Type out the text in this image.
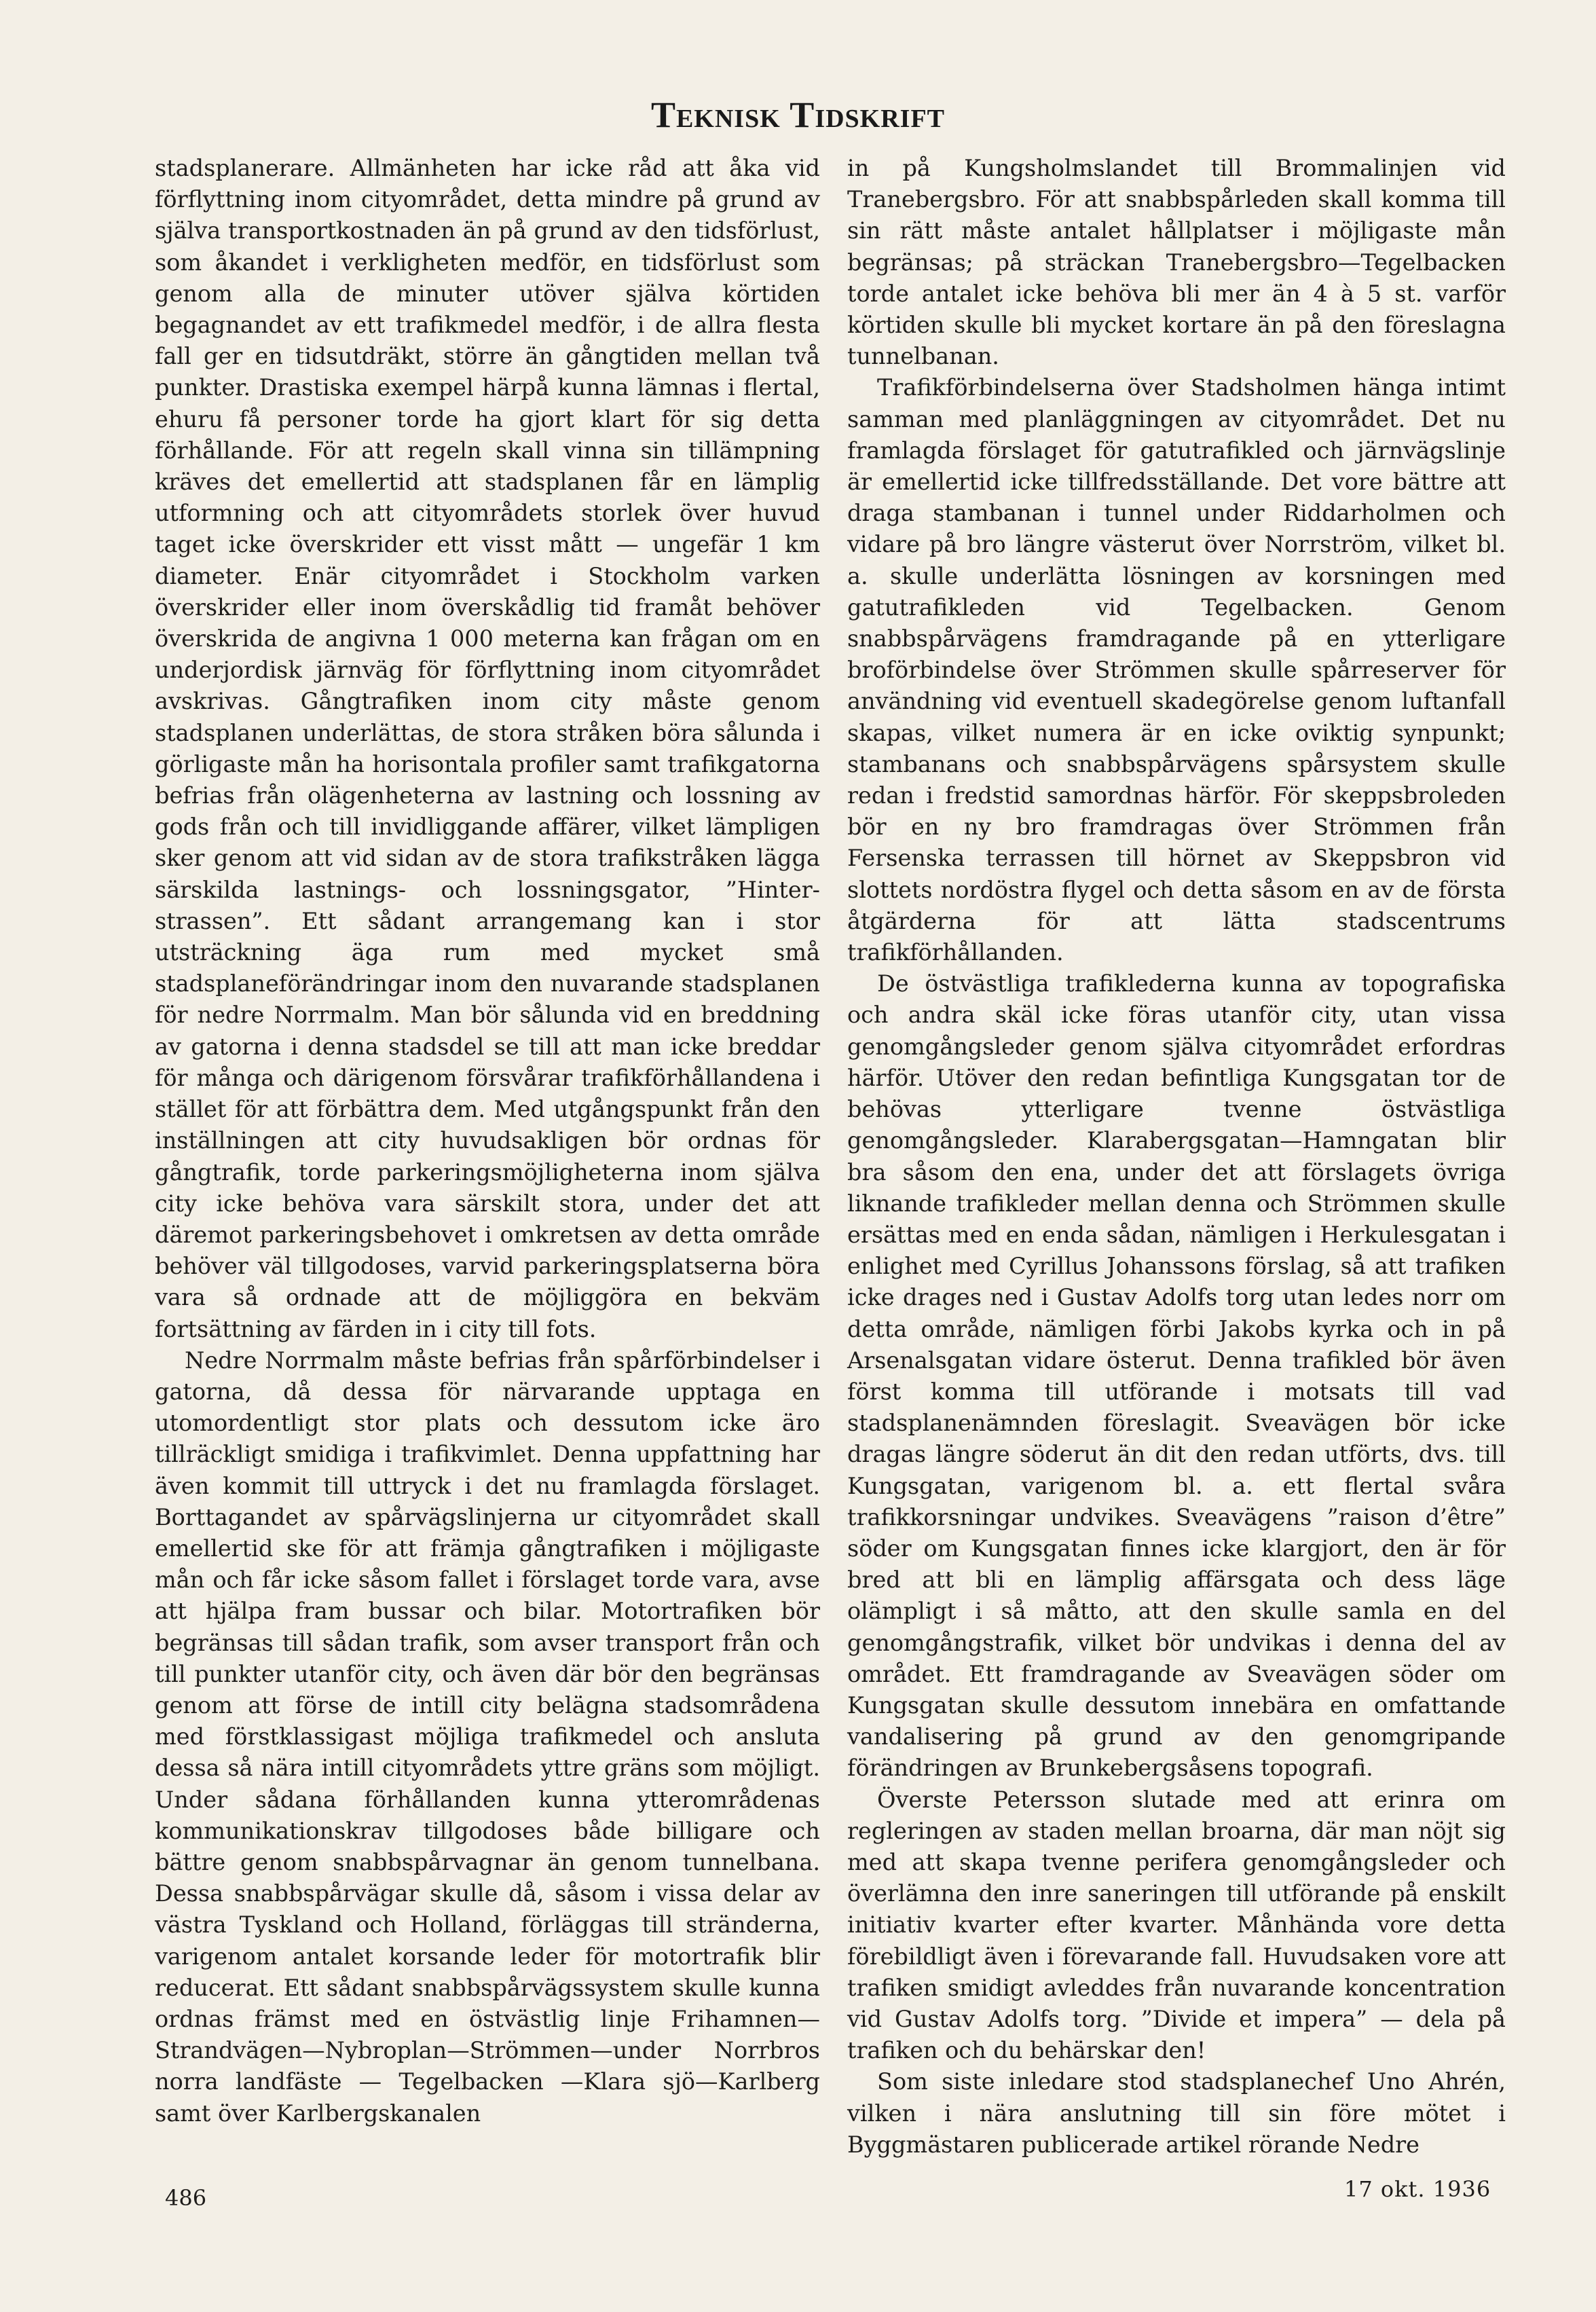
Teknisk Tidskrift

stadsplanerare. Allmänheten har icke råd att åka vid förflyttning inom cityområdet, detta mindre på grund av själva transportkostnaden än på grund av den tidsförlust, som åkandet i verkligheten medför, en tidsförlust som genom alla de minuter utöver själva körtiden begagnandet av ett trafikmedel medför, i de allra flesta fall ger en tidsutdräkt, större än gångtiden mellan två punkter. Drastiska exempel härpå kunna lämnas i flertal, ehuru få personer torde ha gjort klart för sig detta förhållande. För att regeln skall vinna sin tillämpning kräves det emellertid att stadsplanen får en lämplig utformning och att cityområdets storlek över huvud taget icke överskrider ett visst mått — ungefär 1 km diameter. Enär cityområdet i Stockholm varken överskrider eller inom överskådlig tid framåt behöver överskrida de angivna 1 000 meterna kan frågan om en underjordisk järnväg för förflyttning inom cityområdet avskrivas. Gångtrafiken inom city måste genom stadsplanen underlättas, de stora stråken böra sålunda i görligaste mån ha horisontala profiler samt trafikgatorna befrias från olägenheterna av lastning och lossning av gods från och till invidliggande affärer, vilket lämpligen sker genom att vid sidan av de stora trafikstråken lägga särskilda lastnings- och lossningsgator, ”Hinter-strassen”. Ett sådant arrangemang kan i stor utsträckning äga rum med mycket små stadsplaneförändringar inom den nuvarande stadsplanen för nedre Norrmalm. Man bör sålunda vid en breddning av gatorna i denna stadsdel se till att man icke breddar för många och därigenom försvårar trafikförhållandena i stället för att förbättra dem. Med utgångspunkt från den inställningen att city huvudsakligen bör ordnas för gångtrafik, torde parkeringsmöjligheterna inom själva city icke behöva vara särskilt stora, under det att däremot parkeringsbehovet i omkretsen av detta område behöver väl tillgodoses, varvid parkeringsplatserna böra vara så ordnade att de möjliggöra en bekväm fortsättning av färden in i city till fots.

Nedre Norrmalm måste befrias från spårförbindelser i gatorna, då dessa för närvarande upptaga en utomordentligt stor plats och dessutom icke äro tillräckligt smidiga i trafikvimlet. Denna uppfattning har även kommit till uttryck i det nu framlagda förslaget. Borttagandet av spårvägslinjerna ur cityområdet skall emellertid ske för att främja gångtrafiken i möjligaste mån och får icke såsom fallet i förslaget torde vara, avse att hjälpa fram bussar och bilar. Motortrafiken bör begränsas till sådan trafik, som avser transport från och till punkter utanför city, och även där bör den begränsas genom att förse de intill city belägna stadsområdena med förstklassigast möjliga trafikmedel och ansluta dessa så nära intill cityområdets yttre gräns som möjligt. Under sådana förhållanden kunna ytterområdenas kommunikationskrav tillgodoses både billigare och bättre genom snabbspårvagnar än genom tunnelbana. Dessa snabbspårvägar skulle då, såsom i vissa delar av västra Tyskland och Holland, förläggas till stränderna, varigenom antalet korsande leder för motortrafik blir reducerat. Ett sådant snabbspårvägssystem skulle kunna ordnas främst med en östvästlig linje Frihamnen—Strandvägen—Nybroplan—Strömmen—under Norrbros norra landfäste — Tegelbacken —Klara sjö—Karlberg samt över Karlbergskanalen

in på Kungsholmslandet till Brommalinjen vid Tranebergsbro. För att snabbspårleden skall komma till sin rätt måste antalet hållplatser i möjligaste mån begränsas; på sträckan Tranebergsbro—Tegelbacken torde antalet icke behöva bli mer än 4 à 5 st. varför körtiden skulle bli mycket kortare än på den föreslagna tunnelbanan.

Trafikförbindelserna över Stadsholmen hänga intimt samman med planläggningen av cityområdet. Det nu framlagda förslaget för gatutrafikled och järnvägslinje är emellertid icke tillfredsställande. Det vore bättre att draga stambanan i tunnel under Riddarholmen och vidare på bro längre västerut över Norrström, vilket bl. a. skulle underlätta lösningen av korsningen med gatutrafikleden vid Tegelbacken. Genom snabbspårvägens framdragande på en ytterligare broförbindelse över Strömmen skulle spårreserver för användning vid eventuell skadegörelse genom luftanfall skapas, vilket numera är en icke oviktig synpunkt; stambanans och snabbspårvägens spårsystem skulle redan i fredstid samordnas härför. För skeppsbroleden bör en ny bro framdragas över Strömmen från Fersenska terrassen till hörnet av Skeppsbron vid slottets nordöstra flygel och detta såsom en av de första åtgärderna för att lätta stadscentrums trafikförhållanden.

De östvästliga trafiklederna kunna av topografiska och andra skäl icke föras utanför city, utan vissa genomgångsleder genom själva cityområdet erfordras härför. Utöver den redan befintliga Kungsgatan tor de behövas ytterligare tvenne östvästliga genomgångsleder. Klarabergsgatan—Hamngatan blir bra såsom den ena, under det att förslagets övriga liknande trafikleder mellan denna och Strömmen skulle ersättas med en enda sådan, nämligen i Herkulesgatan i enlighet med Cyrillus Johanssons förslag, så att trafiken icke drages ned i Gustav Adolfs torg utan ledes norr om detta område, nämligen förbi Jakobs kyrka och in på Arsenalsgatan vidare österut. Denna trafikled bör även först komma till utförande i motsats till vad stadsplanenämnden föreslagit. Sveavägen bör icke dragas längre söderut än dit den redan utförts, dvs. till Kungsgatan, varigenom bl. a. ett flertal svåra trafikkorsningar undvikes. Sveavägens ”raison d’être” söder om Kungsgatan finnes icke klargjort, den är för bred att bli en lämplig affärsgata och dess läge olämpligt i så måtto, att den skulle samla en del genomgångstrafik, vilket bör undvikas i denna del av området. Ett framdragande av Sveavägen söder om Kungsgatan skulle dessutom innebära en omfattande vandalisering på grund av den genomgripande förändringen av Brunkebergsåsens topografi.

Överste Petersson slutade med att erinra om regleringen av staden mellan broarna, där man nöjt sig med att skapa tvenne perifera genomgångsleder och överlämna den inre saneringen till utförande på enskilt initiativ kvarter efter kvarter. Månhända vore detta förebildligt även i förevarande fall. Huvudsaken vore att trafiken smidigt avleddes från nuvarande koncentration vid Gustav Adolfs torg. ”Divide et impera” — dela på trafiken och du behärskar den!

Som siste inledare stod stadsplanechef Uno Ahrén, vilken i nära anslutning till sin före mötet i Byggmästaren publicerade artikel rörande Nedre

486	17 okt. 1936
